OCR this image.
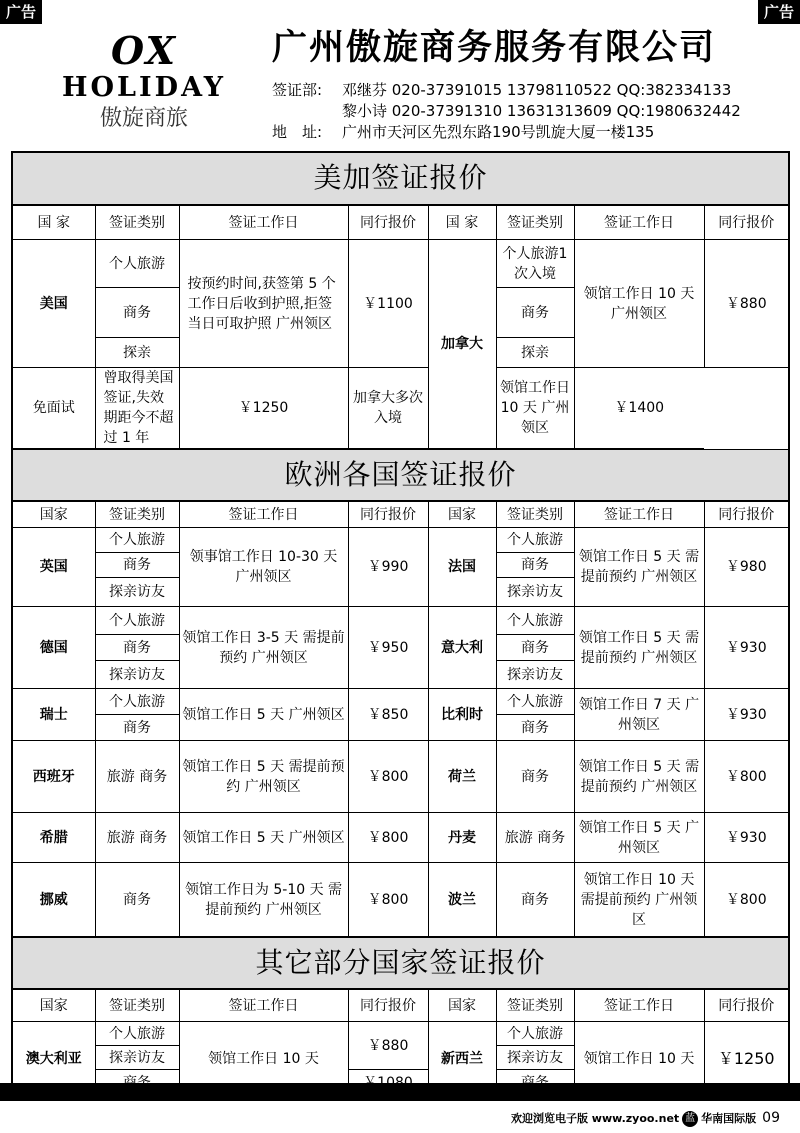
广告	广告
OX
HOLIDAY
傲旋商旅
广州傲旋商务服务有限公司
签证部: 邓继芬 020-37391015 13798110522 QQ:382334133
黎小诗 020-37391310 13631313609 QQ:1980632442
地　址: 广州市天河区先烈东路190号凯旋大厦一楼135
美加签证报价
国 家	签证类别	签证工作日	同行报价	国 家	签证类别	签证工作日	同行报价
美国	个人旅游	按预约时间,获签第 5 个工作日后收到护照,拒签当日可取护照 广州领区	￥1100	加拿大	个人旅游1次入境	领馆工作日 10 天 广州领区	￥880
	商务				商务		
	探亲				探亲		
免面试	曾取得美国签证,失效期距今不超过 1 年	￥1250	加拿大多次入境		领馆工作日 10 天 广州领区	￥1400	
欧洲各国签证报价
国家	签证类别	签证工作日	同行报价	国家	签证类别	签证工作日	同行报价
英国	个人旅游	领事馆工作日 10-30 天 广州领区	￥990	法国	个人旅游	领馆工作日 5 天 需提前预约 广州领区	￥980
	商务				商务		
	探亲访友				探亲访友		
德国	个人旅游	领馆工作日 3-5 天 需提前预约 广州领区	￥950	意大利	个人旅游	领馆工作日 5 天 需提前预约 广州领区	￥930
	商务				商务		
	探亲访友				探亲访友		
瑞士	个人旅游	领馆工作日 5 天 广州领区	￥850	比利时	个人旅游	领馆工作日 7 天 广州领区	￥930
	商务				商务		
西班牙	旅游 商务	领馆工作日 5 天 需提前预约 广州领区	￥800	荷兰	商务	领馆工作日 5 天 需提前预约 广州领区	￥800
希腊	旅游 商务	领馆工作日 5 天 广州领区	￥800	丹麦	旅游 商务	领馆工作日 5 天 广州领区	￥930
挪威	商务	领馆工作日为 5-10 天 需提前预约 广州领区	￥800	波兰	商务	领馆工作日 10 天 需提前预约 广州领区	￥800
其它部分国家签证报价
国家	签证类别	签证工作日	同行报价	国家	签证类别	签证工作日	同行报价
澳大利亚	个人旅游	领馆工作日 10 天	￥880	新西兰	个人旅游	领馆工作日 10 天	￥1250
	探亲访友				探亲访友		

欢迎浏览电子版 www.zyoo.net 蓝 华南国际版 09
